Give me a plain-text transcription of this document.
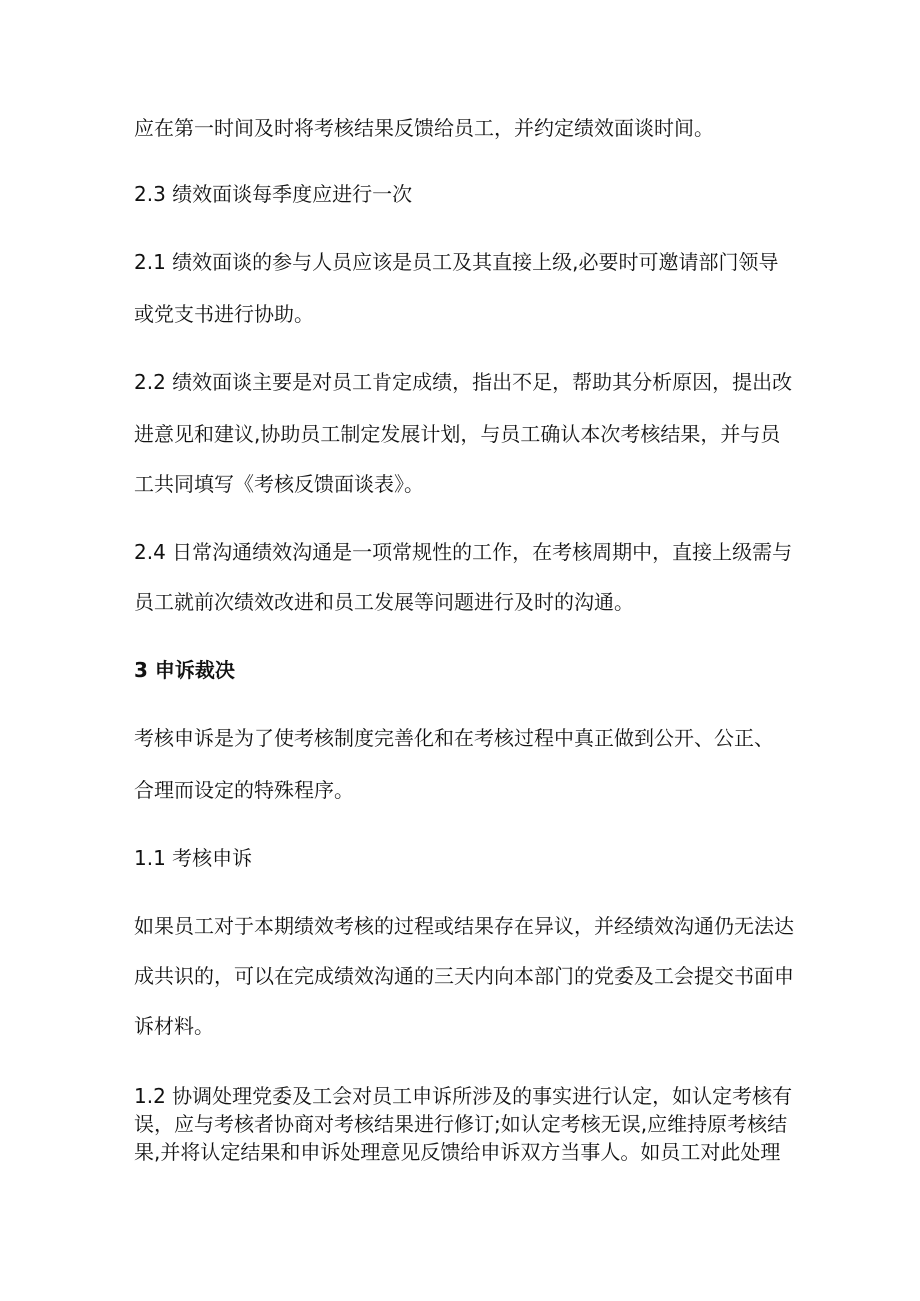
应在第一时间及时将考核结果反馈给员工，并约定绩效面谈时间。
2.3 绩效面谈每季度应进行一次
2.1 绩效面谈的参与人员应该是员工及其直接上级,必要时可邀请部门领导
或党支书进行协助。
2.2 绩效面谈主要是对员工肯定成绩，指出不足，帮助其分析原因，提出改
进意见和建议,协助员工制定发展计划，与员工确认本次考核结果，并与员
工共同填写《考核反馈面谈表》。
2.4 日常沟通绩效沟通是一项常规性的工作，在考核周期中，直接上级需与
员工就前次绩效改进和员工发展等问题进行及时的沟通。
3 申诉裁决
考核申诉是为了使考核制度完善化和在考核过程中真正做到公开、公正、
合理而设定的特殊程序。
1.1 考核申诉
如果员工对于本期绩效考核的过程或结果存在异议，并经绩效沟通仍无法达
成共识的，可以在完成绩效沟通的三天内向本部门的党委及工会提交书面申
诉材料。
1.2 协调处理党委及工会对员工申诉所涉及的事实进行认定，如认定考核有
误，应与考核者协商对考核结果进行修订;如认定考核无误,应维持原考核结
果,并将认定结果和申诉处理意见反馈给申诉双方当事人。如员工对此处理
